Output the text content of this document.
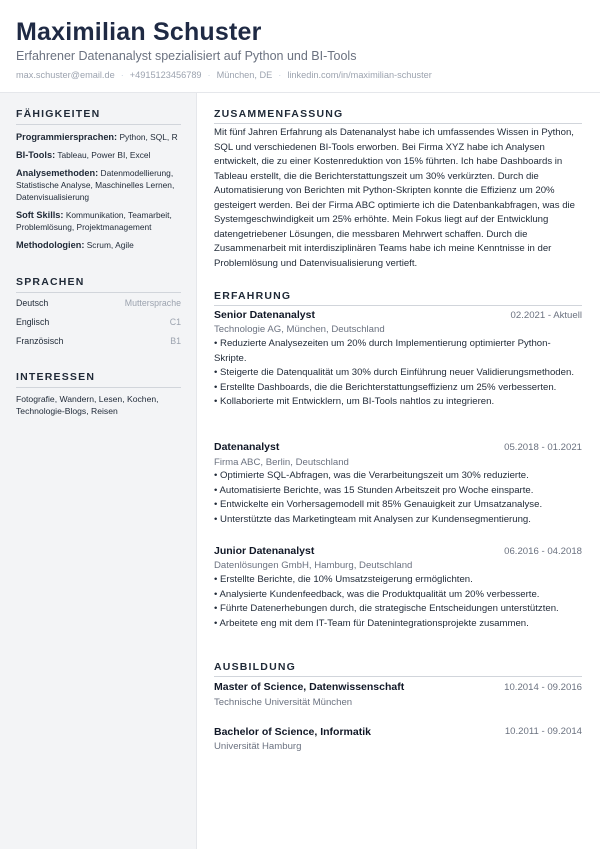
Maximilian Schuster
Erfahrener Datenanalyst spezialisiert auf Python und BI-Tools
max.schuster@email.de · +4915123456789 · München, DE · linkedin.com/in/maximilian-schuster
FÄHIGKEITEN
Programmiersprachen: Python, SQL, R
BI-Tools: Tableau, Power BI, Excel
Analysemethoden: Datenmodellierung, Statistische Analyse, Maschinelles Lernen, Datenvisualisierung
Soft Skills: Kommunikation, Teamarbeit, Problemlösung, Projektmanagement
Methodologien: Scrum, Agile
SPRACHEN
Deutsch	Muttersprache
Englisch	C1
Französisch	B1
INTERESSEN
Fotografie, Wandern, Lesen, Kochen, Technologie-Blogs, Reisen
ZUSAMMENFASSUNG
Mit fünf Jahren Erfahrung als Datenanalyst habe ich umfassendes Wissen in Python, SQL und verschiedenen BI-Tools erworben. Bei Firma XYZ habe ich Analysen entwickelt, die zu einer Kostenreduktion von 15% führten. Ich habe Dashboards in Tableau erstellt, die die Berichterstattungszeit um 30% verkürzten. Durch die Automatisierung von Berichten mit Python-Skripten konnte die Effizienz um 20% gesteigert werden. Bei der Firma ABC optimierte ich die Datenbankabfragen, was die Systemgeschwindigkeit um 25% erhöhte. Mein Fokus liegt auf der Entwicklung datengetriebener Lösungen, die messbaren Mehrwert schaffen. Durch die Zusammenarbeit mit interdisziplinären Teams habe ich meine Kenntnisse in der Problemlösung und Datenvisualisierung vertieft.
ERFAHRUNG
Senior Datenanalyst	02.2021 - Aktuell
Technologie AG, München, Deutschland
• Reduzierte Analysezeiten um 20% durch Implementierung optimierter Python-Skripte.
• Steigerte die Datenqualität um 30% durch Einführung neuer Validierungsmethoden.
• Erstellte Dashboards, die die Berichterstattungseffizienz um 25% verbesserten.
• Kollaborierte mit Entwicklern, um BI-Tools nahtlos zu integrieren.
Datenanalyst	05.2018 - 01.2021
Firma ABC, Berlin, Deutschland
• Optimierte SQL-Abfragen, was die Verarbeitungszeit um 30% reduzierte.
• Automatisierte Berichte, was 15 Stunden Arbeitszeit pro Woche einsparte.
• Entwickelte ein Vorhersagemodell mit 85% Genauigkeit zur Umsatzanalyse.
• Unterstützte das Marketingteam mit Analysen zur Kundensegmentierung.
Junior Datenanalyst	06.2016 - 04.2018
Datenlösungen GmbH, Hamburg, Deutschland
• Erstellte Berichte, die 10% Umsatzsteigerung ermöglichten.
• Analysierte Kundenfeedback, was die Produktqualität um 20% verbesserte.
• Führte Datenerhebungen durch, die strategische Entscheidungen unterstützten.
• Arbeitete eng mit dem IT-Team für Datenintegrationsprojekte zusammen.
AUSBILDUNG
Master of Science, Datenwissenschaft	10.2014 - 09.2016
Technische Universität München
Bachelor of Science, Informatik	10.2011 - 09.2014
Universität Hamburg
